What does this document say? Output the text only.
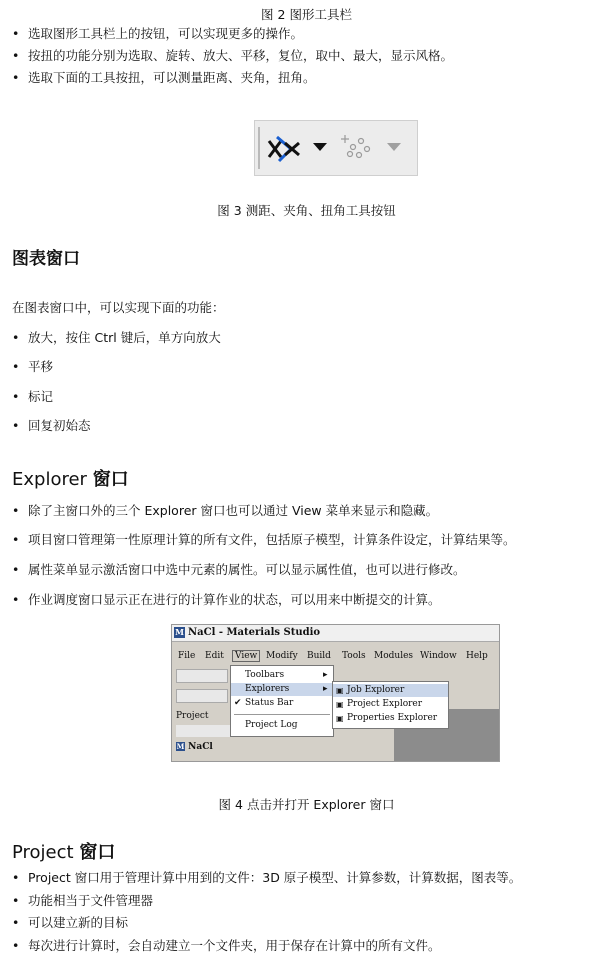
图 2 图形工具栏
• 选取图形工具栏上的按钮，可以实现更多的操作。
• 按扭的功能分别为选取、旋转、放大、平移，复位，取中、最大，显示风格。
• 选取下面的工具按扭，可以测量距离、夹角，扭角。
图 3 测距、夹角、扭角工具按钮
图表窗口
在图表窗口中，可以实现下面的功能：
• 放大，按住 Ctrl 键后，单方向放大
• 平移
• 标记
• 回复初始态
Explorer 窗口
• 除了主窗口外的三个 Explorer 窗口也可以通过 View 菜单来显示和隐藏。
• 项目窗口管理第一性原理计算的所有文件，包括原子模型，计算条件设定，计算结果等。
• 属性菜单显示激活窗口中选中元素的属性。可以显示属性值，也可以进行修改。
• 作业调度窗口显示正在进行的计算作业的状态，可以用来中断提交的计算。
M NaCl - Materials Studio
File Edit	View Modify Build Tools Modules Window Help
Project
M NaCl
Toolbars	▸
Explorers	▸
✔ Status Bar
Project Log
▣ Job Explorer
▣ Project Explorer
▣ Properties Explorer
图 4 点击并打开 Explorer 窗口
Project 窗口
• Project 窗口用于管理计算中用到的文件：3D 原子模型、计算参数，计算数据，图表等。
• 功能相当于文件管理器
• 可以建立新的目标
• 每次进行计算时，会自动建立一个文件夹，用于保存在计算中的所有文件。
